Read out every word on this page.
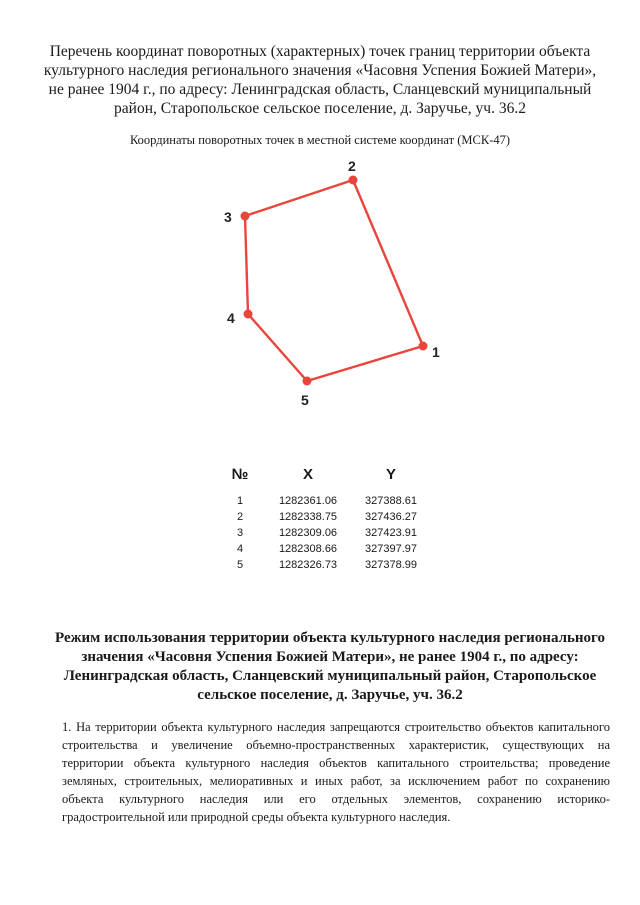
Перечень координат поворотных (характерных) точек границ территории объекта культурного наследия регионального значения «Часовня Успения Божией Матери», не ранее 1904 г., по адресу: Ленинградская область, Сланцевский муниципальный район, Старопольское сельское поселение, д. Заручье, уч. 36.2

Координаты поворотных точек в местной системе координат (МСК-47)

1
2
3
4
5
№	X	Y
1	1282361.06	327388.61
2	1282338.75	327436.27
3	1282309.06	327423.91
4	1282308.66	327397.97
5	1282326.73	327378.99
Режим использования территории объекта культурного наследия регионального значения «Часовня Успения Божией Матери», не ранее 1904 г., по адресу: Ленинградская область, Сланцевский муниципальный район, Старопольское сельское поселение, д. Заручье, уч. 36.2

1. На территории объекта культурного наследия запрещаются строительство объектов капитального строительства и увеличение объемно-пространственных характеристик, существующих на территории объекта культурного наследия объектов капитального строительства; проведение земляных, строительных, мелиоративных и иных работ, за исключением работ по сохранению объекта культурного наследия или его отдельных элементов, сохранению историко-градостроительной или природной среды объекта культурного наследия.
